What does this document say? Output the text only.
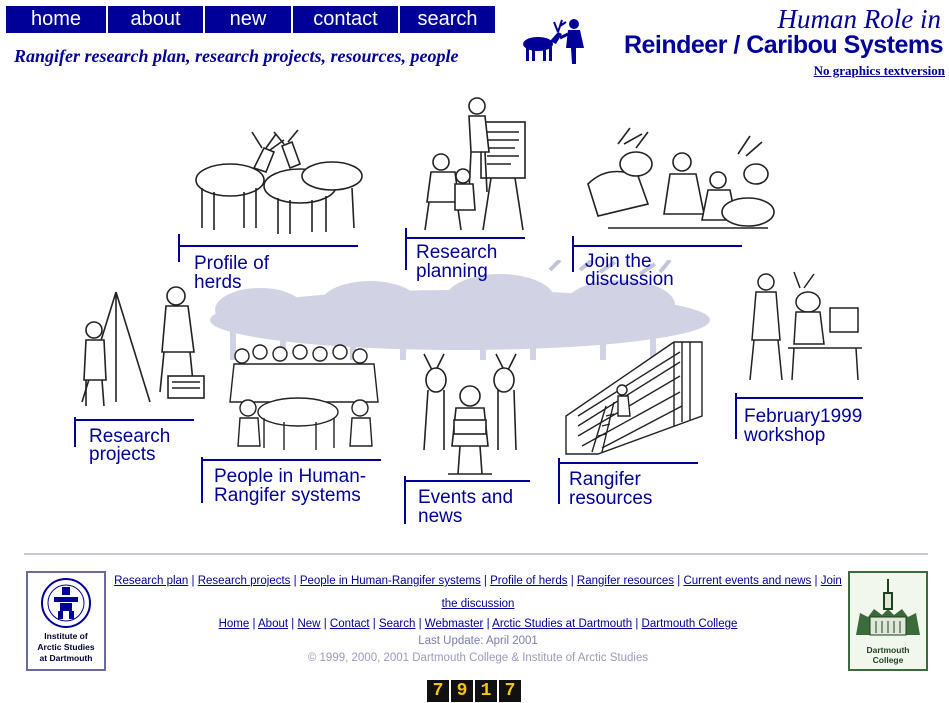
home	about	new	contact	search
Rangifer research plan, research projects, resources, people
Human Role in
Reindeer / Caribou Systems
No graphics textversion
Profile of
herds
Research
planning	Join the
discussion
Research
projects
People in Human-
Rangifer systems	Events and
news
Rangifer
resources
February1999
workshop
Institute of
Arctic Studies
at Dartmouth
Dartmouth
College
Research plan | Research projects | People in Human-Rangifer systems | Profile of herds | Rangifer resources | Current events and news | Join the discussion
Home | About | New | Contact | Search | Webmaster | Arctic Studies at Dartmouth | Dartmouth College
Last Update: April 2001
© 1999, 2000, 2001 Dartmouth College & Institute of Arctic Studies
7 9 1 7
